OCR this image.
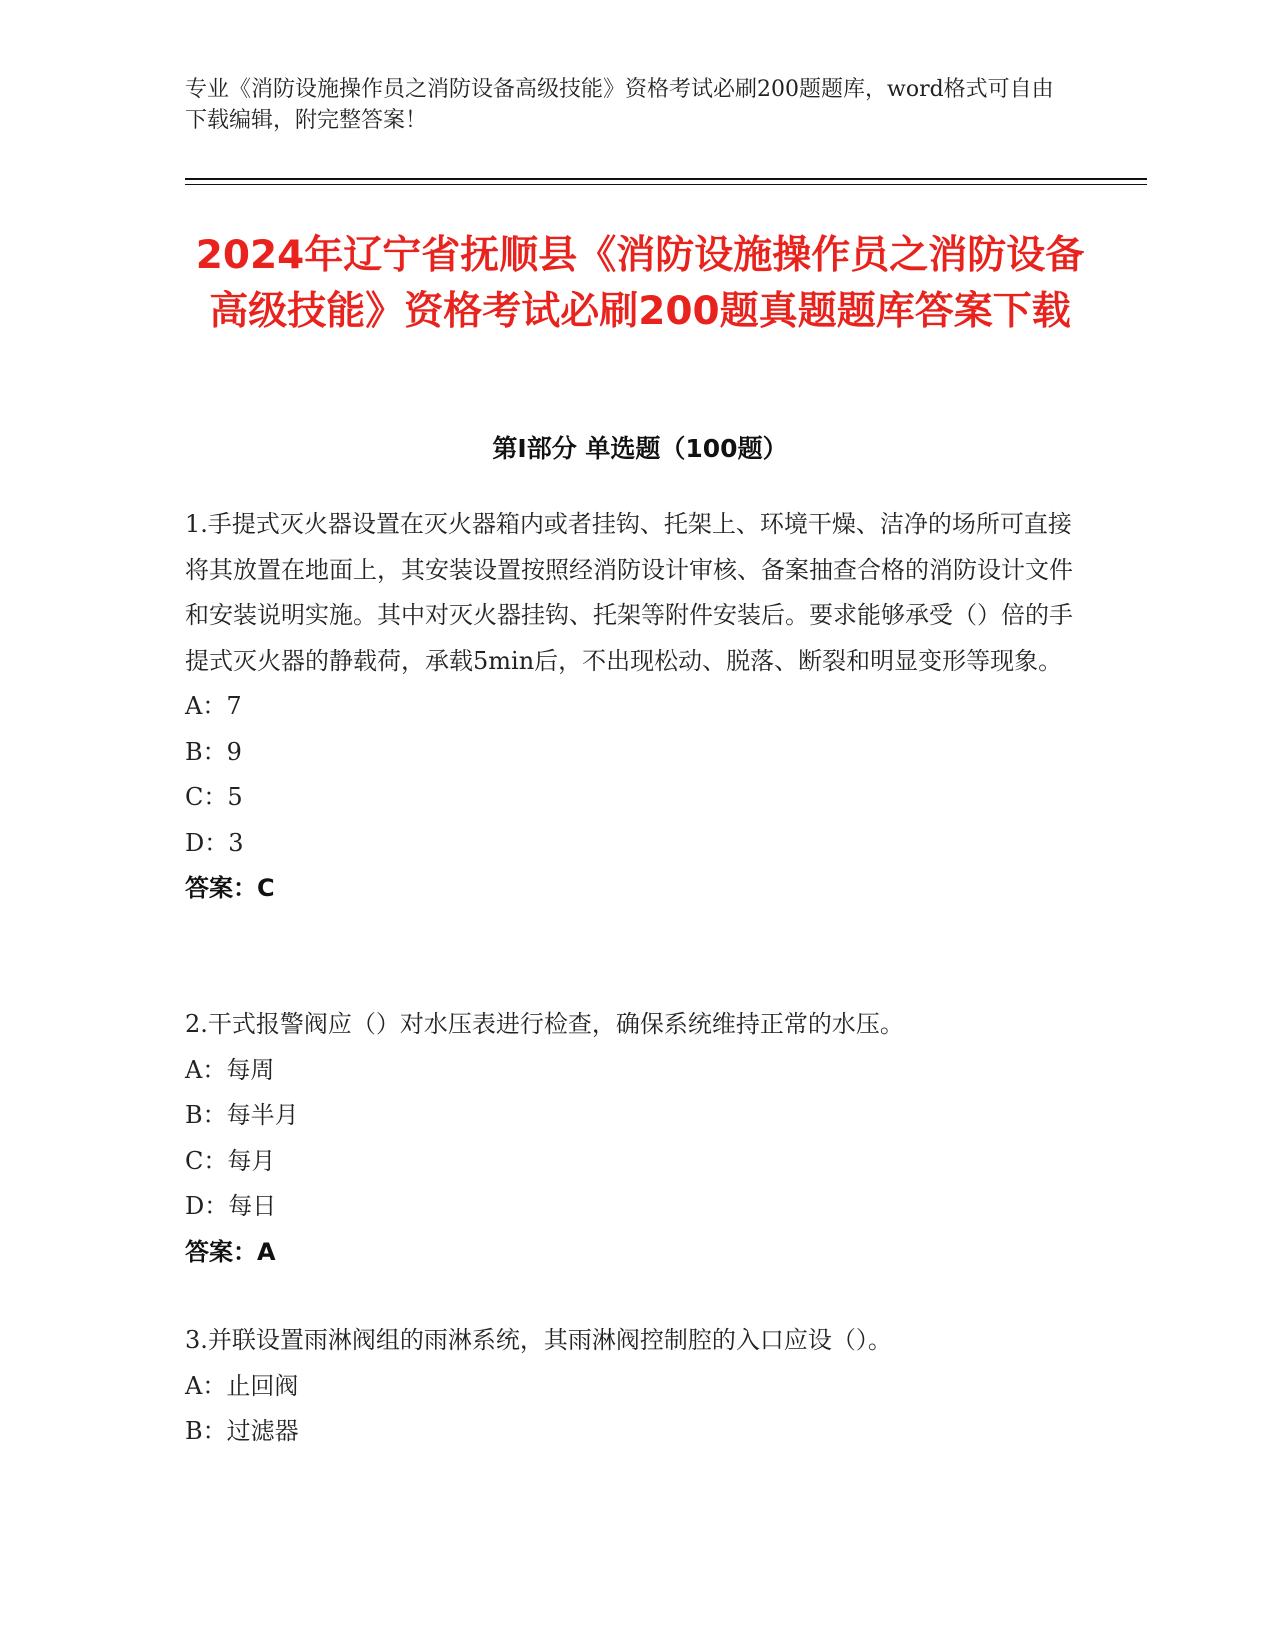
专业《消防设施操作员之消防设备高级技能》资格考试必刷200题题库，word格式可自由下载编辑，附完整答案！
2024年辽宁省抚顺县《消防设施操作员之消防设备高级技能》资格考试必刷200题真题题库答案下载
第Ⅰ部分 单选题（100题）
1.手提式灭火器设置在灭火器箱内或者挂钩、托架上、环境干燥、洁净的场所可直接将其放置在地面上，其安装设置按照经消防设计审核、备案抽查合格的消防设计文件和安装说明实施。其中对灭火器挂钩、托架等附件安装后。要求能够承受（）倍的手提式灭火器的静载荷，承载5min后，不出现松动、脱落、断裂和明显变形等现象。
A：7
B：9
C：5
D：3
答案：C
2.干式报警阀应（）对水压表进行检查，确保系统维持正常的水压。
A：每周
B：每半月
C：每月
D：每日
答案：A
3.并联设置雨淋阀组的雨淋系统，其雨淋阀控制腔的入口应设（）。
A：止回阀
B：过滤器
